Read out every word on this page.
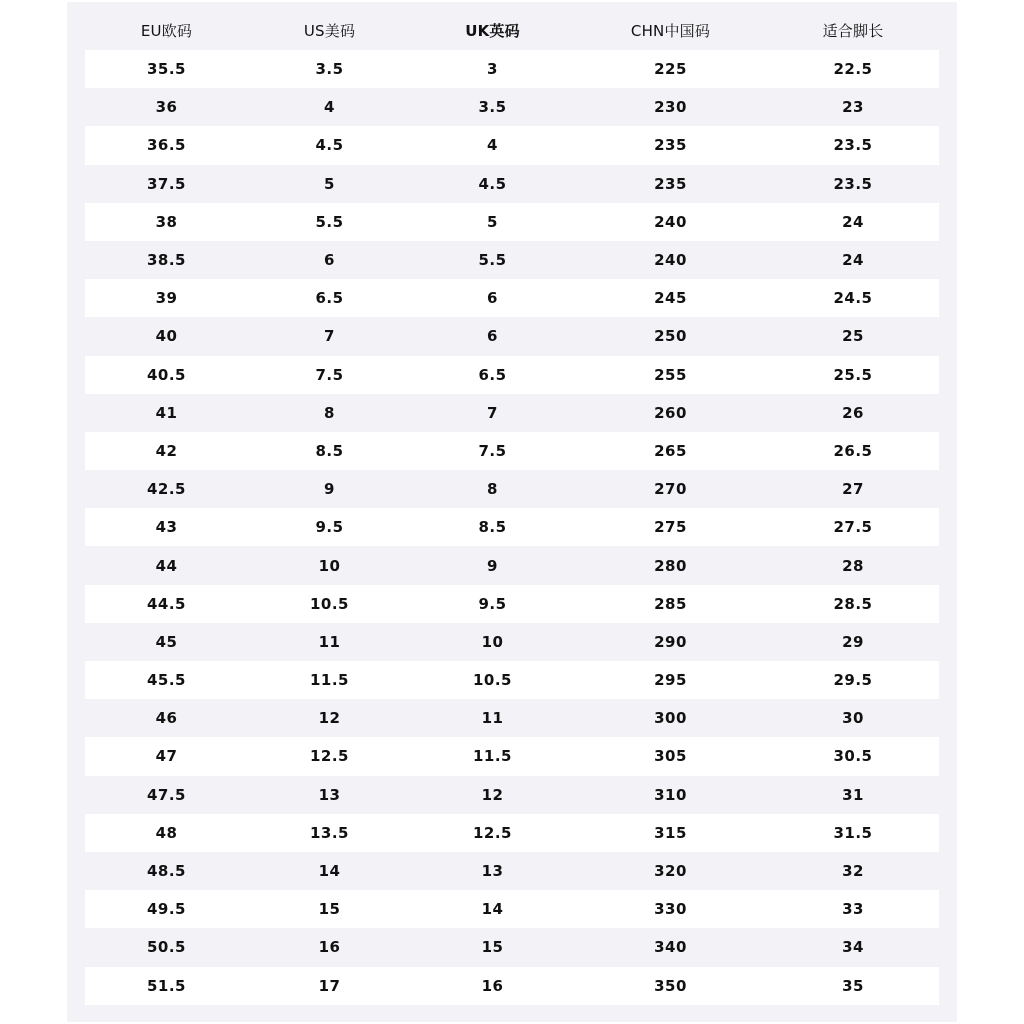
EU欧码	US美码	UK英码	CHN中国码	适合脚长
35.5	3.5	3	225	22.5
36	4	3.5	230	23
36.5	4.5	4	235	23.5
37.5	5	4.5	235	23.5
38	5.5	5	240	24
38.5	6	5.5	240	24
39	6.5	6	245	24.5
40	7	6	250	25
40.5	7.5	6.5	255	25.5
41	8	7	260	26
42	8.5	7.5	265	26.5
42.5	9	8	270	27
43	9.5	8.5	275	27.5
44	10	9	280	28
44.5	10.5	9.5	285	28.5
45	11	10	290	29
45.5	11.5	10.5	295	29.5
46	12	11	300	30
47	12.5	11.5	305	30.5
47.5	13	12	310	31
48	13.5	12.5	315	31.5
48.5	14	13	320	32
49.5	15	14	330	33
50.5	16	15	340	34
51.5	17	16	350	35
